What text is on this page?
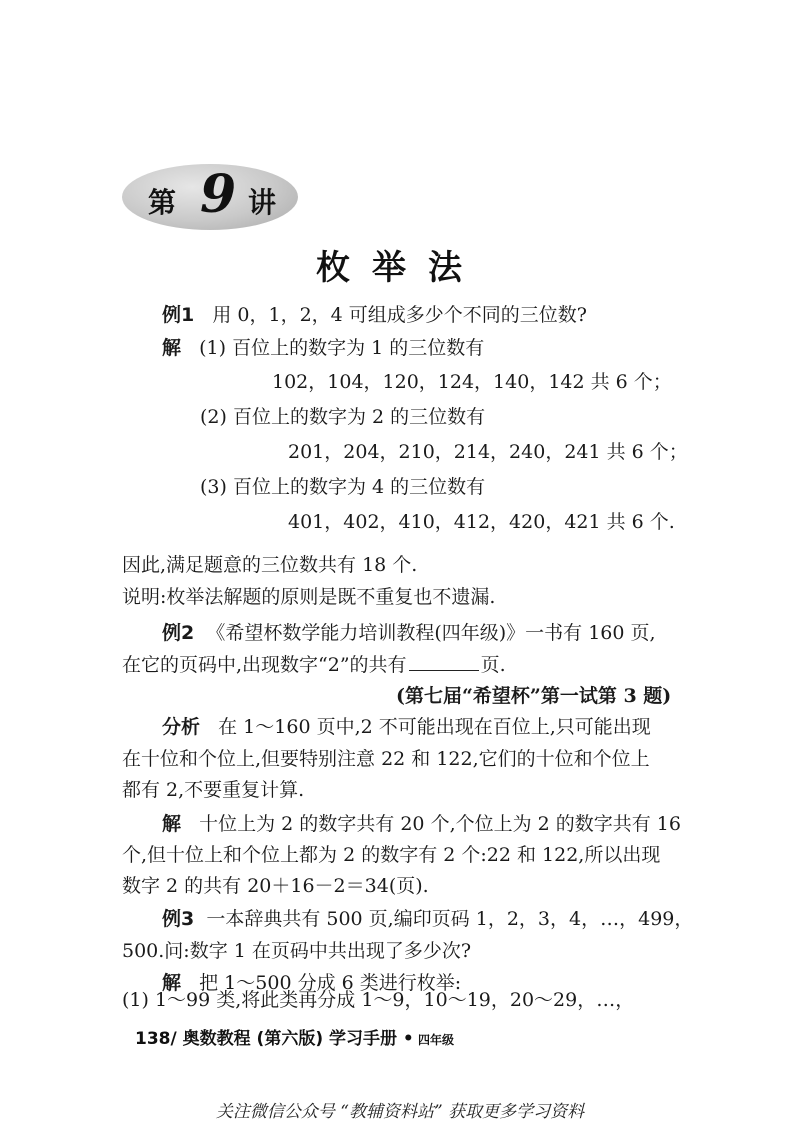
第 9 讲
枚举法
例1 用 0，1，2，4 可组成多少个不同的三位数?
解 (1) 百位上的数字为 1 的三位数有
102，104，120，124，140，142 共 6 个；
(2) 百位上的数字为 2 的三位数有
201，204，210，214，240，241 共 6 个；
(3) 百位上的数字为 4 的三位数有
401，402，410，412，420，421 共 6 个.
因此,满足题意的三位数共有 18 个.
说明:枚举法解题的原则是既不重复也不遗漏.
例2 《希望杯数学能力培训教程(四年级)》一书有 160 页,
在它的页码中,出现数字“2”的共有	页.
(第七届“希望杯”第一试第 3 题)
分析 在 1～160 页中,2 不可能出现在百位上,只可能出现
在十位和个位上,但要特别注意 22 和 122,它们的十位和个位上
都有 2,不要重复计算.
解 十位上为 2 的数字共有 20 个,个位上为 2 的数字共有 16
个,但十位上和个位上都为 2 的数字有 2 个:22 和 122,所以出现
数字 2 的共有 20＋16－2＝34(页).
例3 一本辞典共有 500 页,编印页码 1，2，3，4，…，499，
500.问:数字 1 在页码中共出现了多少次?
解 把 1～500 分成 6 类进行枚举:
(1) 1～99 类,将此类再分成 1～9，10～19，20～29，…，
138/ 奥数教程 (第六版) 学习手册 • 四年级
关注微信公众号 “教辅资料站” 获取更多学习资料
